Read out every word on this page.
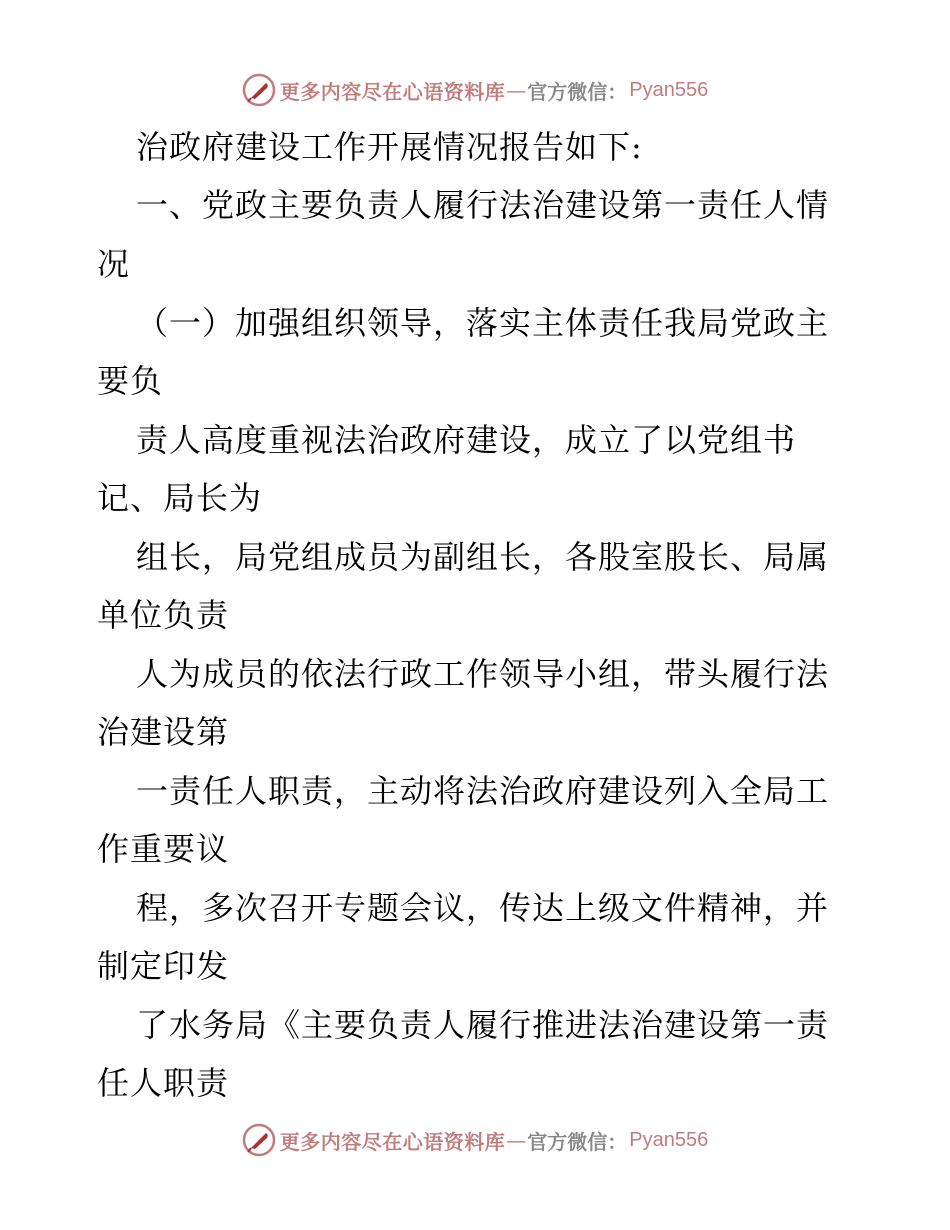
更多内容尽在心语资料库 — 官方微信： Pyan556
治政府建设工作开展情况报告如下:
一、党政主要负责人履行法治建设第一责任人情
况
（一）加强组织领导，落实主体责任我局党政主
要负
责人高度重视法治政府建设，成立了以党组书
记、局长为
组长，局党组成员为副组长，各股室股长、局属
单位负责
人为成员的依法行政工作领导小组，带头履行法
治建设第
一责任人职责，主动将法治政府建设列入全局工
作重要议
程，多次召开专题会议，传达上级文件精神，并
制定印发
了水务局《主要负责人履行推进法治建设第一责
任人职责
更多内容尽在心语资料库 — 官方微信： Pyan556
